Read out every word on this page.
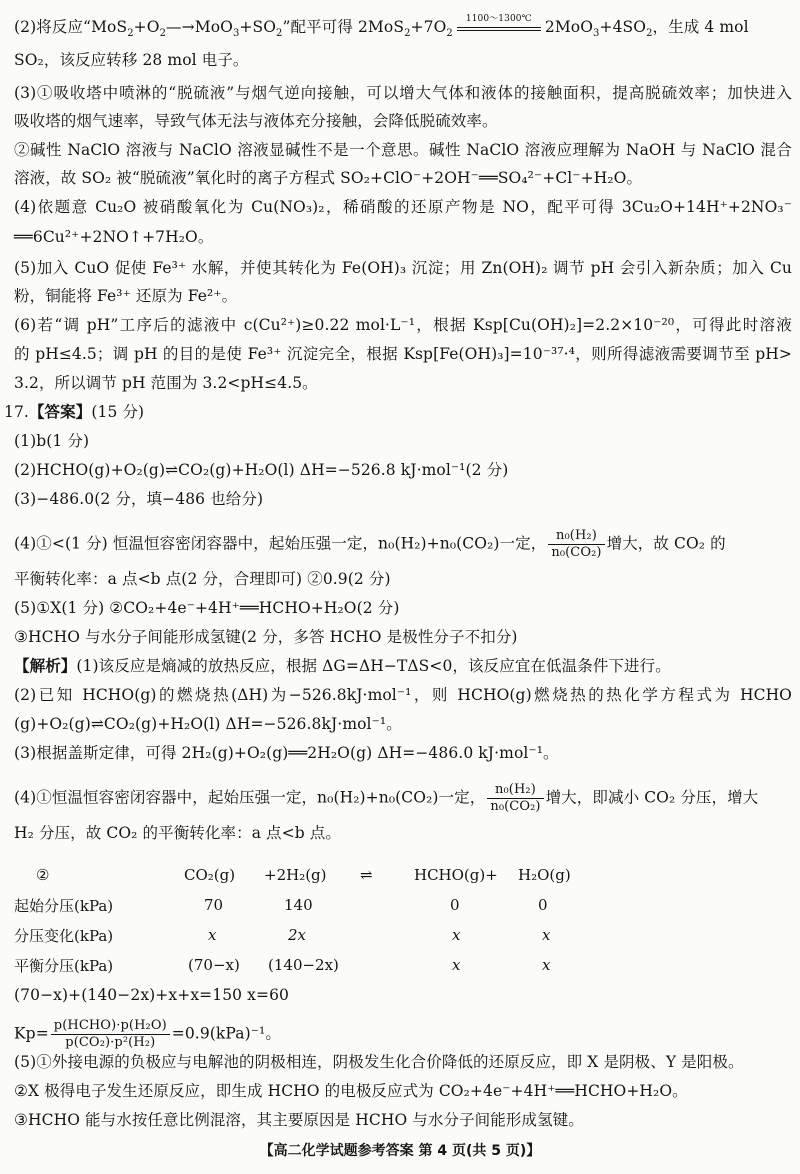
(2)将反应“$MoS_2+O_2—\to MoO_3+SO_2$”配平可得 $2MoS_2+7O_2$
1100～1300℃ $2MoO_3+4SO_2$，生成 4 mol
SO₂，该反应转移 28 mol 电子。
(3)①吸收塔中喷淋的“脱硫液”与烟气逆向接触，可以增大气体和液体的接触面积，提高脱硫效率；加快进入
吸收塔的烟气速率，导致气体无法与液体充分接触，会降低脱硫效率。
②碱性 NaClO 溶液与 NaClO 溶液显碱性不是一个意思。碱性 NaClO 溶液应理解为 NaOH 与 NaClO 混合
溶液，故 SO₂ 被“脱硫液”氧化时的离子方程式 SO₂+ClO⁻+2OH⁻══SO₄²⁻+Cl⁻+H₂O。
(4)依题意 Cu₂O 被硝酸氧化为 Cu(NO₃)₂，稀硝酸的还原产物是 NO，配平可得 3Cu₂O+14H⁺+2NO₃⁻
══6Cu²⁺+2NO↑+7H₂O。
(5)加入 CuO 促使 Fe³⁺ 水解，并使其转化为 Fe(OH)₃ 沉淀；用 Zn(OH)₂ 调节 pH 会引入新杂质；加入 Cu
粉，铜能将 Fe³⁺ 还原为 Fe²⁺。
(6)若“调 pH”工序后的滤液中 c(Cu²⁺)≥0.22 mol·L⁻¹，根据 Ksp[Cu(OH)₂]=2.2×10⁻²⁰，可得此时溶液
的 pH≤4.5；调 pH 的目的是使 Fe³⁺ 沉淀完全，根据 Ksp[Fe(OH)₃]=10⁻³⁷·⁴，则所得滤液需要调节至 pH>
3.2，所以调节 pH 范围为 3.2<pH≤4.5。
17.【答案】(15 分)
(1)b(1 分)
(2)HCHO(g)+O₂(g)⇌CO₂(g)+H₂O(l) ΔH=−526.8 kJ·mol⁻¹(2 分)
(3)−486.0(2 分，填−486 也给分)
(4)①<(1 分) 恒温恒容密闭容器中，起始压强一定，n₀(H₂)+n₀(CO₂)一定， $\frac{\text{n₀(H₂)}}{\text{n₀(CO₂)}}$ 增大，故 CO₂ 的
平衡转化率：a 点<b 点(2 分，合理即可) ②0.9(2 分)
(5)①X(1 分) ②CO₂+4e⁻+4H⁺══HCHO+H₂O(2 分)
③HCHO 与水分子间能形成氢键(2 分，多答 HCHO 是极性分子不扣分)
【解析】(1)该反应是熵减的放热反应，根据 ΔG=ΔH−TΔS<0，该反应宜在低温条件下进行。
(2)已知 HCHO(g)的燃烧热(ΔH)为−526.8kJ·mol⁻¹，则 HCHO(g)燃烧热的热化学方程式为 HCHO
(g)+O₂(g)⇌CO₂(g)+H₂O(l) ΔH=−526.8kJ·mol⁻¹。
(3)根据盖斯定律，可得 2H₂(g)+O₂(g)══2H₂O(g) ΔH=−486.0 kJ·mol⁻¹。
(4)①恒温恒容密闭容器中，起始压强一定，n₀(H₂)+n₀(CO₂)一定， $\frac{\text{n₀(H₂)}}{\text{n₀(CO₂)}}$ 增大，即减小 CO₂ 分压，增大
H₂ 分压，故 CO₂ 的平衡转化率：a 点<b 点。
②	CO₂(g)	+2H₂(g)	⇌	HCHO(g)+	H₂O(g)
起始分压(kPa)	70	140		0	0
分压变化(kPa)	x	2x		x	x
平衡分压(kPa)	(70−x)	(140−2x)		x	x
(70−x)+(140−2x)+x+x=150 x=60
$Kp= \frac{\text{p(HCHO)·p(H₂O)}}{\text{p(CO₂)·p²(H₂)}} =0.9(kPa)^{-1}$。
(5)①外接电源的负极应与电解池的阴极相连，阴极发生化合价降低的还原反应，即 X 是阴极、Y 是阳极。
②X 极得电子发生还原反应，即生成 HCHO 的电极反应式为 CO₂+4e⁻+4H⁺══HCHO+H₂O。
③HCHO 能与水按任意比例混溶，其主要原因是 HCHO 与水分子间能形成氢键。
【高二化学试题参考答案 第 4 页(共 5 页)】
